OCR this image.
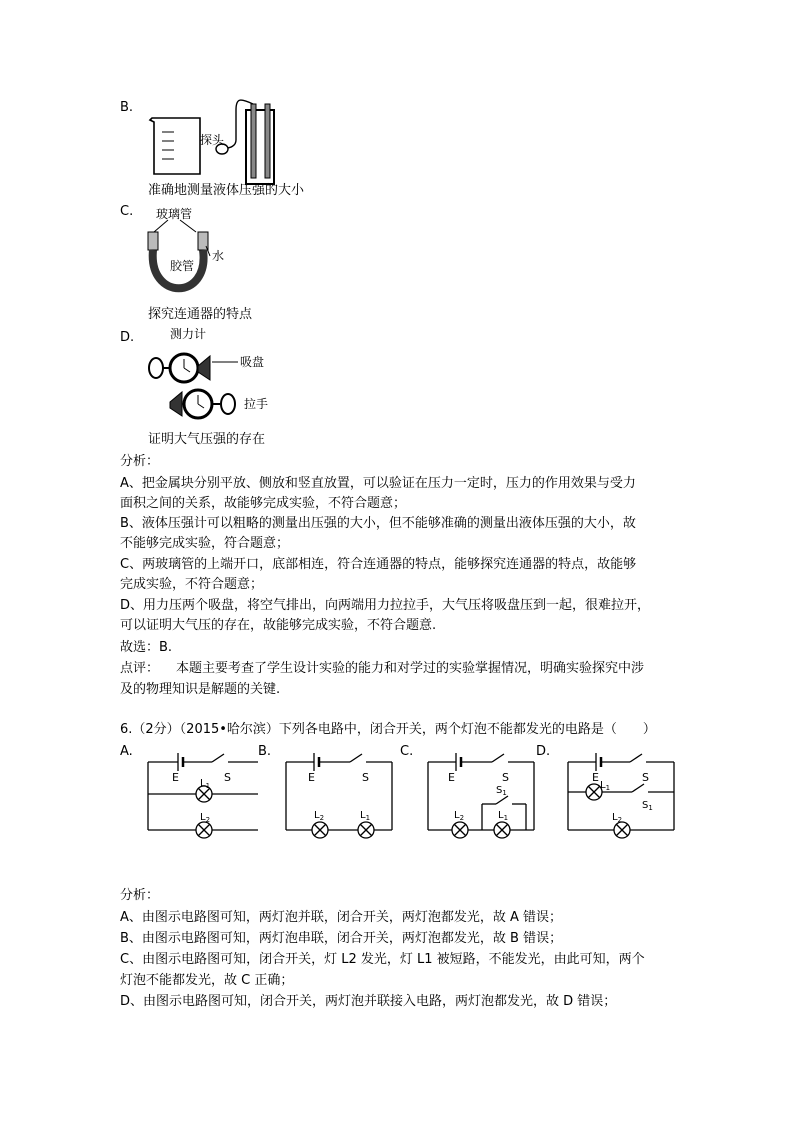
B.
探头
准确地测量液体压强的大小
C. 玻璃管
水
胶管
探究连通器的特点
D.	测力计
吸盘
拉手
证明大气压强的存在
分析：
A、把金属块分别平放、侧放和竖直放置，可以验证在压力一定时，压力的作用效果与受力
面积之间的关系，故能够完成实验，不符合题意；
B、液体压强计可以粗略的测量出压强的大小，但不能够准确的测量出液体压强的大小，故
不能够完成实验，符合题意；
C、两玻璃管的上端开口，底部相连，符合连通器的特点，能够探究连通器的特点，故能够
完成实验，不符合题意；
D、用力压两个吸盘，将空气排出，向两端用力拉拉手，大气压将吸盘压到一起，很难拉开，
可以证明大气压的存在，故能够完成实验，不符合题意.
故选：B.
点评： 本题主要考查了学生设计实验的能力和对学过的实验掌握情况，明确实验探究中涉
及的物理知识是解题的关键.
6.（2分）（2015•哈尔滨）下列各电路中，闭合开关，两个灯泡不能都发光的电路是（　　）
A.	B.	C.	D.
E	S
$L_1$
$L_2$
E	S
$L_2$	$L_1$
E	S
$S_1$
$L_2$	$L_1$
E	S
$L_1$
$S_1$
$L_2$
分析：
A、由图示电路图可知，两灯泡并联，闭合开关，两灯泡都发光，故 A 错误；
B、由图示电路图可知，两灯泡串联，闭合开关，两灯泡都发光，故 B 错误；
C、由图示电路图可知，闭合开关，灯 L2 发光，灯 L1 被短路，不能发光，由此可知，两个
灯泡不能都发光，故 C 正确；
D、由图示电路图可知，闭合开关，两灯泡并联接入电路，两灯泡都发光，故 D 错误；
